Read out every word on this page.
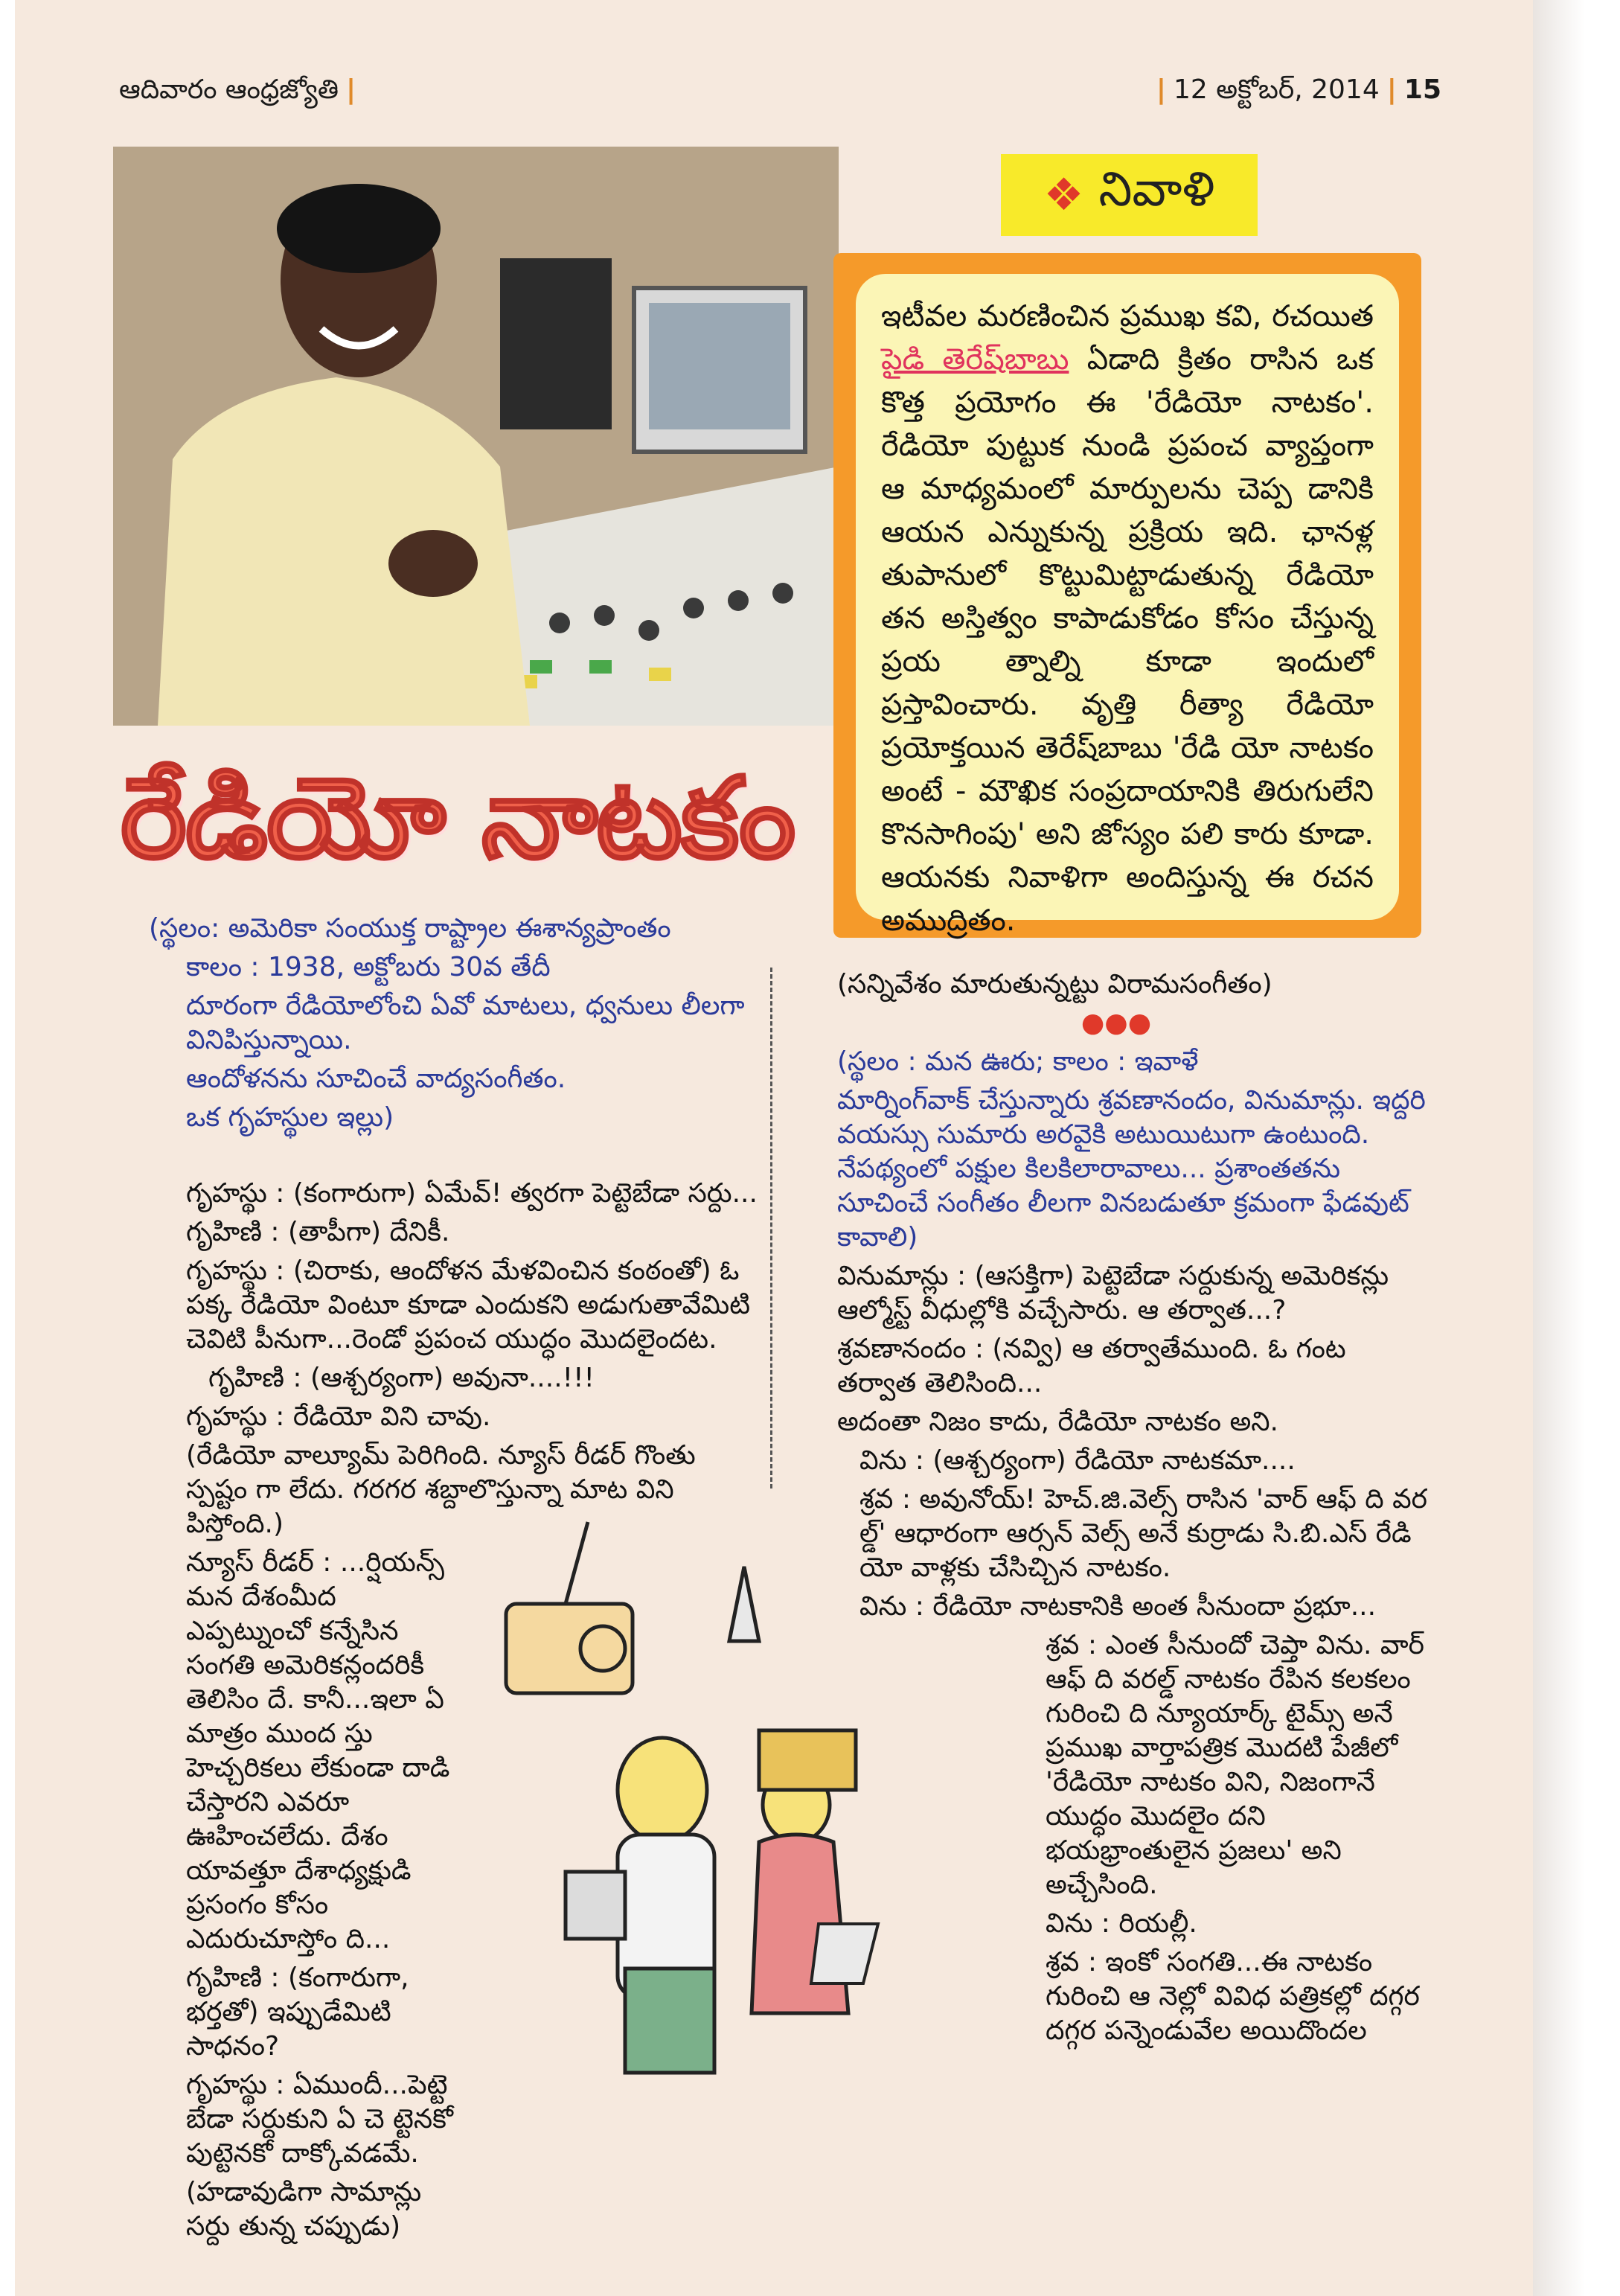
ఆదివారం ఆంధ్రజ్యోతి |	| 12 అక్టోబర్, 2014 | 15
❖ నివాళి
ఇటీవల మరణించిన ప్రముఖ కవి, రచయిత పైడి తెరేష్‌బాబు ఏడాది క్రితం రాసిన ఒక కొత్త ప్రయోగం ఈ 'రేడియో నాటకం'. రేడియో పుట్టుక నుండి ప్రపంచ వ్యాప్తంగా ఆ మాధ్యమంలో మార్పులను చెప్ప డానికి ఆయన ఎన్నుకున్న ప్రక్రియ ఇది. ఛానళ్ల తుపానులో కొట్టుమిట్టాడుతున్న రేడియో తన అస్తిత్వం కాపాడుకోడం కోసం చేస్తున్న ప్రయ త్నాల్ని కూడా ఇందులో ప్రస్తావించారు. వృత్తి రీత్యా రేడియో ప్రయోక్తయిన తెరేష్‌బాబు 'రేడి యో నాటకం అంటే - మౌఖిక సంప్రదాయానికి తిరుగులేని కొనసాగింపు' అని జోస్యం పలి కారు కూడా. ఆయనకు నివాళిగా అందిస్తున్న ఈ రచన అముద్రితం.
రేడియో నాటకం

(స్థలం: అమెరికా సంయుక్త రాష్ట్రాల ఈశాన్యప్రాంతం

కాలం : 1938, అక్టోబరు 30వ తేదీ

దూరంగా రేడియోలోంచి ఏవో మాటలు, ధ్వనులు లీలగా వినిపిస్తున్నాయి.

ఆందోళనను సూచించే వాద్యసంగీతం.

ఒక గృహస్థుల ఇల్లు)

గృహస్థు : (కంగారుగా) ఏమేవ్! త్వరగా పెట్టెబేడా సర్దు...

గృహిణి : (తాపీగా) దేనికీ.

గృహస్థు : (చిరాకు, ఆందోళన మేళవించిన కంఠంతో) ఓ పక్క రేడియో వింటూ కూడా ఎందుకని అడుగుతావేమిటి చెవిటి పీనుగా...రెండో ప్రపంచ యుద్ధం మొదలైందట.

గృహిణి : (ఆశ్చర్యంగా) అవునా....!!!

గృహస్థు : రేడియో విని చావు.

(రేడియో వాల్యూమ్ పెరిగింది. న్యూస్ రీడర్ గొంతు స్పష్టం గా లేదు. గరగర శబ్దాలొస్తున్నా మాట విని పిస్తోంది.)

న్యూస్ రీడర్ : ...ర్షియన్స్ మన దేశంమీద ఎప్పట్నుంచో కన్నేసిన సంగతి అమెరికన్లందరికీ తెలిసిం దే. కానీ...ఇలా ఏ మాత్రం ముంద స్తు హెచ్చరికలు లేకుండా దాడి చేస్తారని ఎవరూ ఊహించలేదు. దేశం యావత్తూ దేశాధ్యక్షుడి ప్రసంగం కోసం ఎదురుచూస్తోం ది...

గృహిణి : (కంగారుగా, భర్తతో) ఇప్పుడేమిటి సాధనం?

గృహస్థు : ఏముందీ...పెట్టె బేడా సర్దుకుని ఏ చె ట్టెనకో పుట్టెనకో దాక్కోవడమే.

(హడావుడిగా సామాన్లు సర్దు తున్న చప్పుడు)

(సన్నివేశం మారుతున్నట్టు విరామసంగీతం)

●●●

(స్థలం : మన ఊరు; కాలం : ఇవాళే

మార్నింగ్‌వాక్ చేస్తున్నారు శ్రవణానందం, వినుమాన్లు. ఇద్దరి వయస్సు సుమారు అరవైకి అటుయిటుగా ఉంటుంది. నేపథ్యంలో పక్షుల కిలకిలారావాలు... ప్రశాంతతను సూచించే సంగీతం లీలగా వినబడుతూ క్రమంగా ఫేడవుట్ కావాలి)

వినుమాన్లు : (ఆసక్తిగా) పెట్టెబేడా సర్దుకున్న అమెరికన్లు ఆల్మోస్ట్ వీధుల్లోకి వచ్చేసారు. ఆ తర్వాత...?

శ్రవణానందం : (నవ్వి) ఆ తర్వాతేముంది. ఓ గంట తర్వాత తెలిసింది...

అదంతా నిజం కాదు, రేడియో నాటకం అని.

విను : (ఆశ్చర్యంగా) రేడియో నాటకమా....

శ్రవ : అవునోయ్! హెచ్.జి.వెల్స్ రాసిన 'వార్ ఆఫ్ ది వర ల్డ్' ఆధారంగా ఆర్సన్ వెల్స్ అనే కుర్రాడు సి.బి.ఎస్ రేడి యో వాళ్లకు చేసిచ్చిన నాటకం.

విను : రేడియో నాటకానికి అంత సీనుందా ప్రభూ...

శ్రవ : ఎంత సీనుందో చెప్తా విను. వార్ ఆఫ్ ది వరల్డ్ నాటకం రేపిన కలకలం గురించి ది న్యూయార్క్ టైమ్స్ అనే ప్రముఖ వార్తాపత్రిక మొదటి పేజీలో 'రేడియో నాటకం విని, నిజంగానే యుద్ధం మొదలైం దని భయభ్రాంతులైన ప్రజలు' అని అచ్చేసింది.

విను : రియల్లీ.

శ్రవ : ఇంకో సంగతి...ఈ నాటకం గురించి ఆ నెల్లో వివిధ పత్రికల్లో దగ్గర దగ్గర పన్నెండువేల అయిదొందల
